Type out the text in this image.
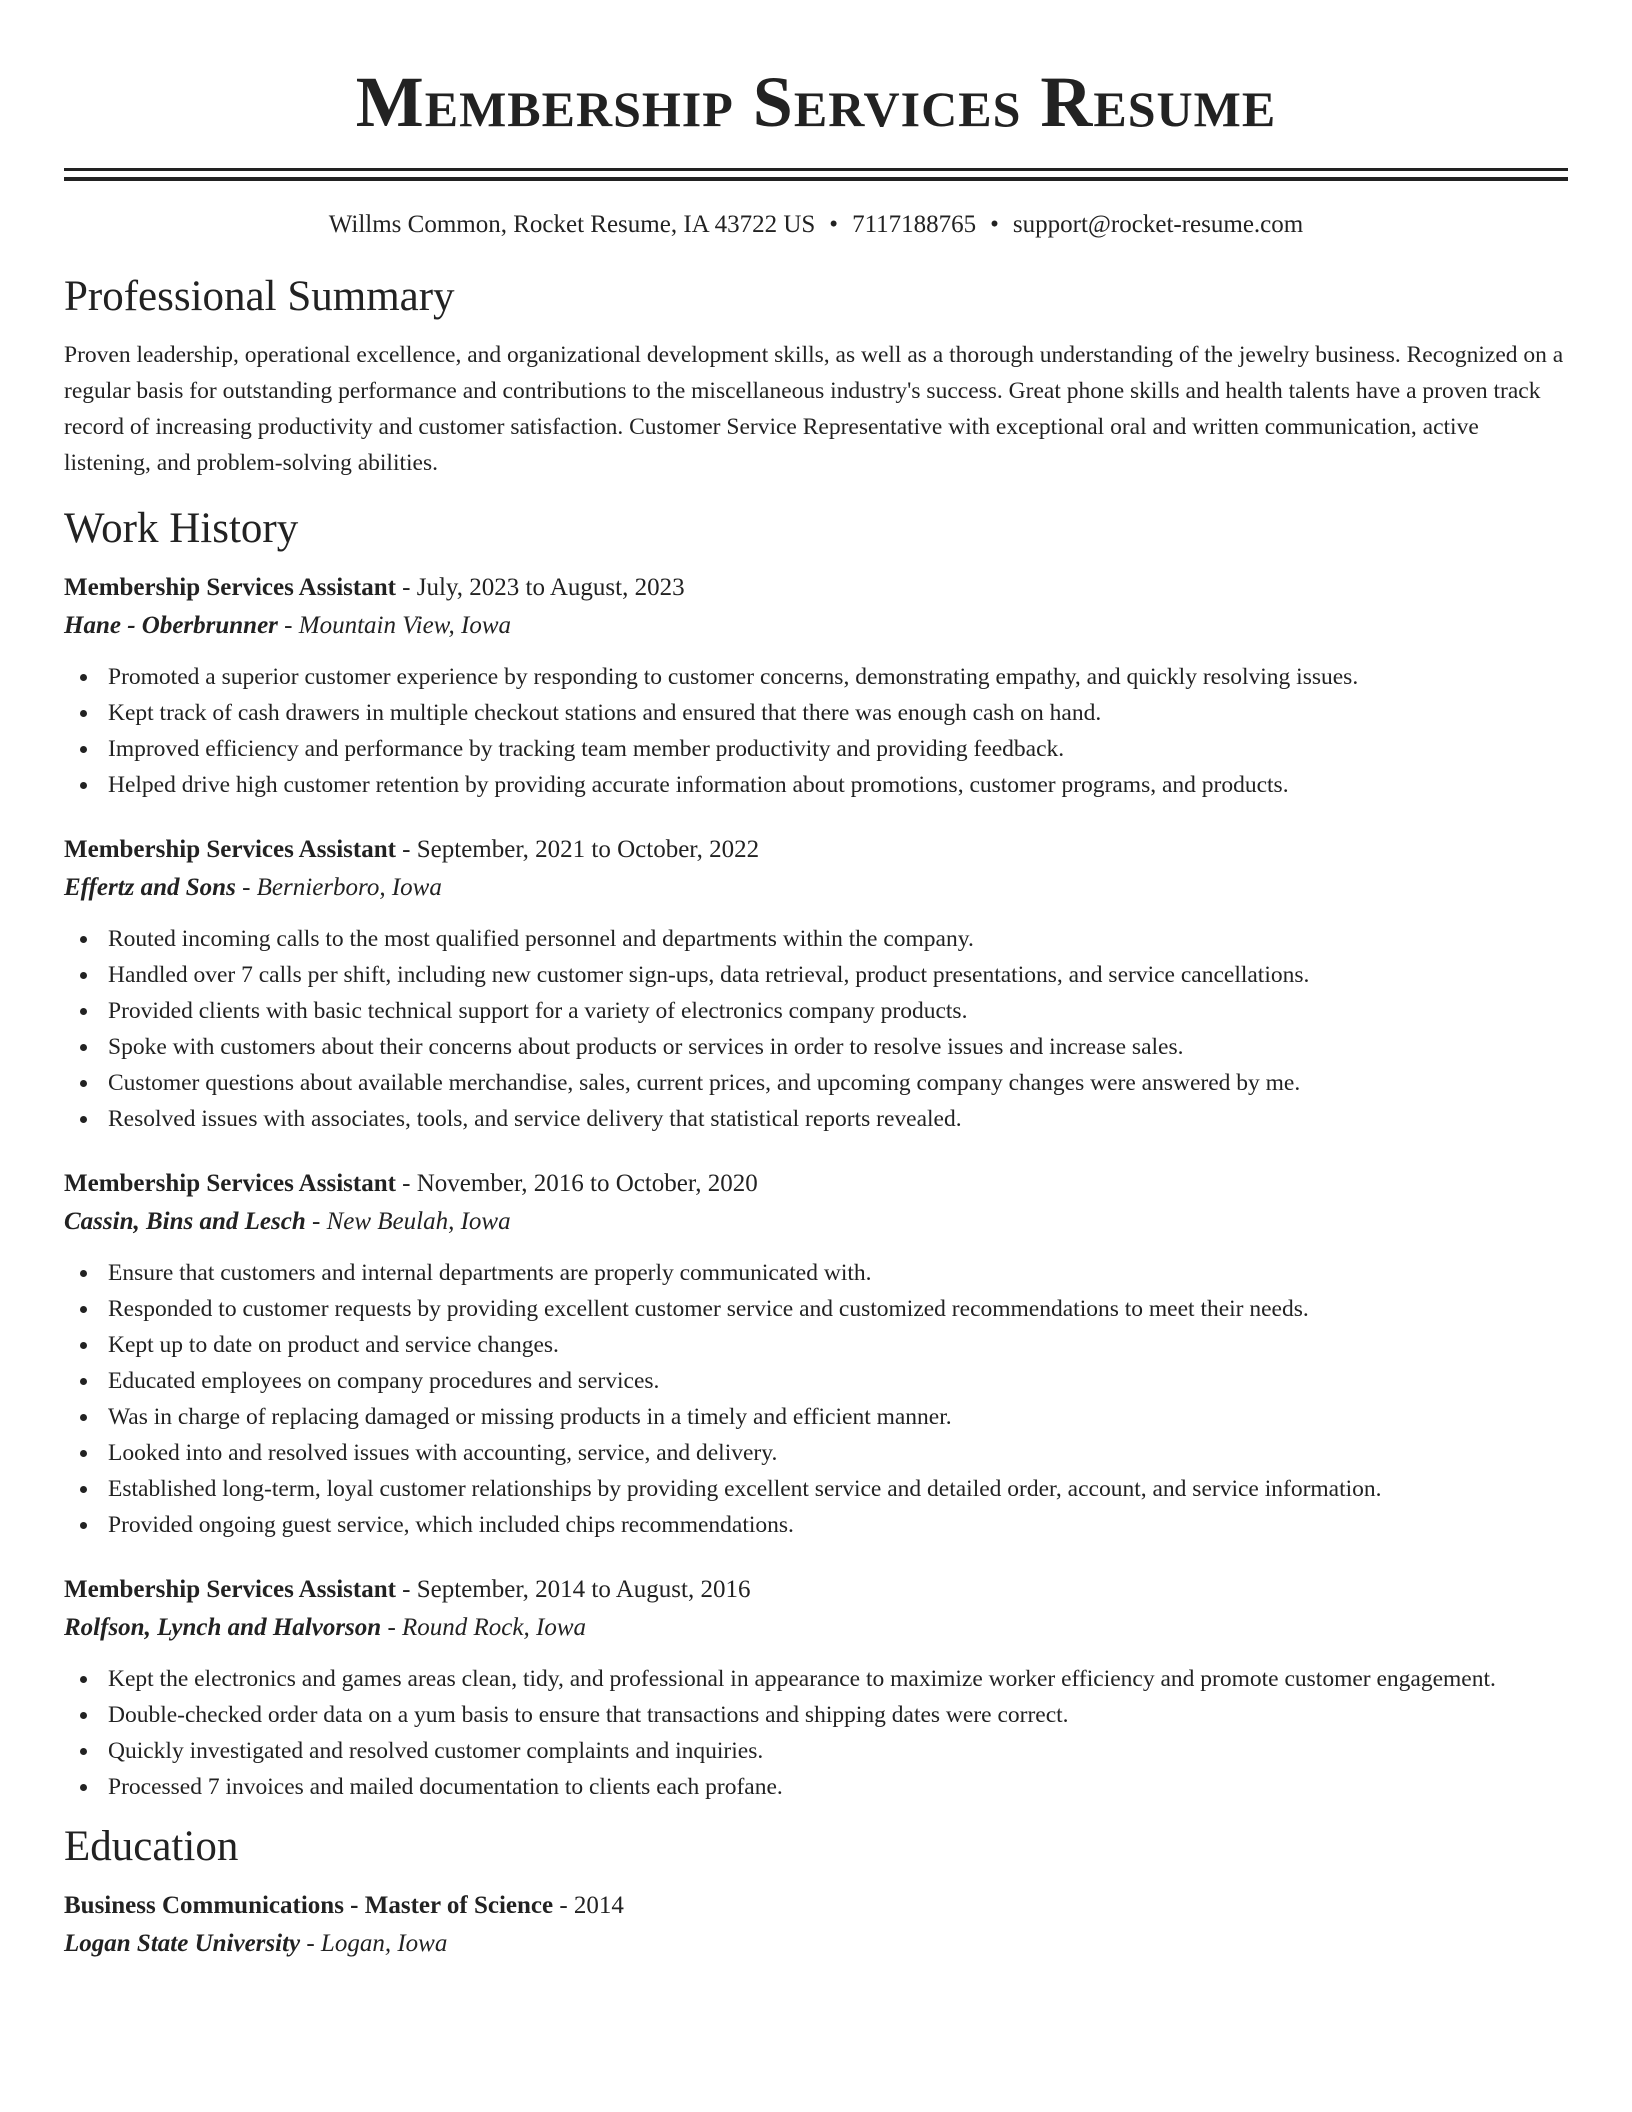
Membership Services Resume
Willms Common, Rocket Resume, IA 43722 US • 7117188765 • support@rocket-resume.com
Professional Summary

Proven leadership, operational excellence, and organizational development skills, as well as a thorough understanding of the jewelry business. Recognized on a regular basis for outstanding performance and contributions to the miscellaneous industry's success. Great phone skills and health talents have a proven track record of increasing productivity and customer satisfaction. Customer Service Representative with exceptional oral and written communication, active listening, and problem-solving abilities.

Work History
Membership Services Assistant - July, 2023 to August, 2023
Hane - Oberbrunner - Mountain View, Iowa
Promoted a superior customer experience by responding to customer concerns, demonstrating empathy, and quickly resolving issues.
Kept track of cash drawers in multiple checkout stations and ensured that there was enough cash on hand.
Improved efficiency and performance by tracking team member productivity and providing feedback.
Helped drive high customer retention by providing accurate information about promotions, customer programs, and products.
Membership Services Assistant - September, 2021 to October, 2022
Effertz and Sons - Bernierboro, Iowa
Routed incoming calls to the most qualified personnel and departments within the company.
Handled over 7 calls per shift, including new customer sign-ups, data retrieval, product presentations, and service cancellations.
Provided clients with basic technical support for a variety of electronics company products.
Spoke with customers about their concerns about products or services in order to resolve issues and increase sales.
Customer questions about available merchandise, sales, current prices, and upcoming company changes were answered by me.
Resolved issues with associates, tools, and service delivery that statistical reports revealed.
Membership Services Assistant - November, 2016 to October, 2020
Cassin, Bins and Lesch - New Beulah, Iowa
Ensure that customers and internal departments are properly communicated with.
Responded to customer requests by providing excellent customer service and customized recommendations to meet their needs.
Kept up to date on product and service changes.
Educated employees on company procedures and services.
Was in charge of replacing damaged or missing products in a timely and efficient manner.
Looked into and resolved issues with accounting, service, and delivery.
Established long-term, loyal customer relationships by providing excellent service and detailed order, account, and service information.
Provided ongoing guest service, which included chips recommendations.
Membership Services Assistant - September, 2014 to August, 2016
Rolfson, Lynch and Halvorson - Round Rock, Iowa
Kept the electronics and games areas clean, tidy, and professional in appearance to maximize worker efficiency and promote customer engagement.
Double-checked order data on a yum basis to ensure that transactions and shipping dates were correct.
Quickly investigated and resolved customer complaints and inquiries.
Processed 7 invoices and mailed documentation to clients each profane.
Education
Business Communications - Master of Science - 2014
Logan State University - Logan, Iowa
